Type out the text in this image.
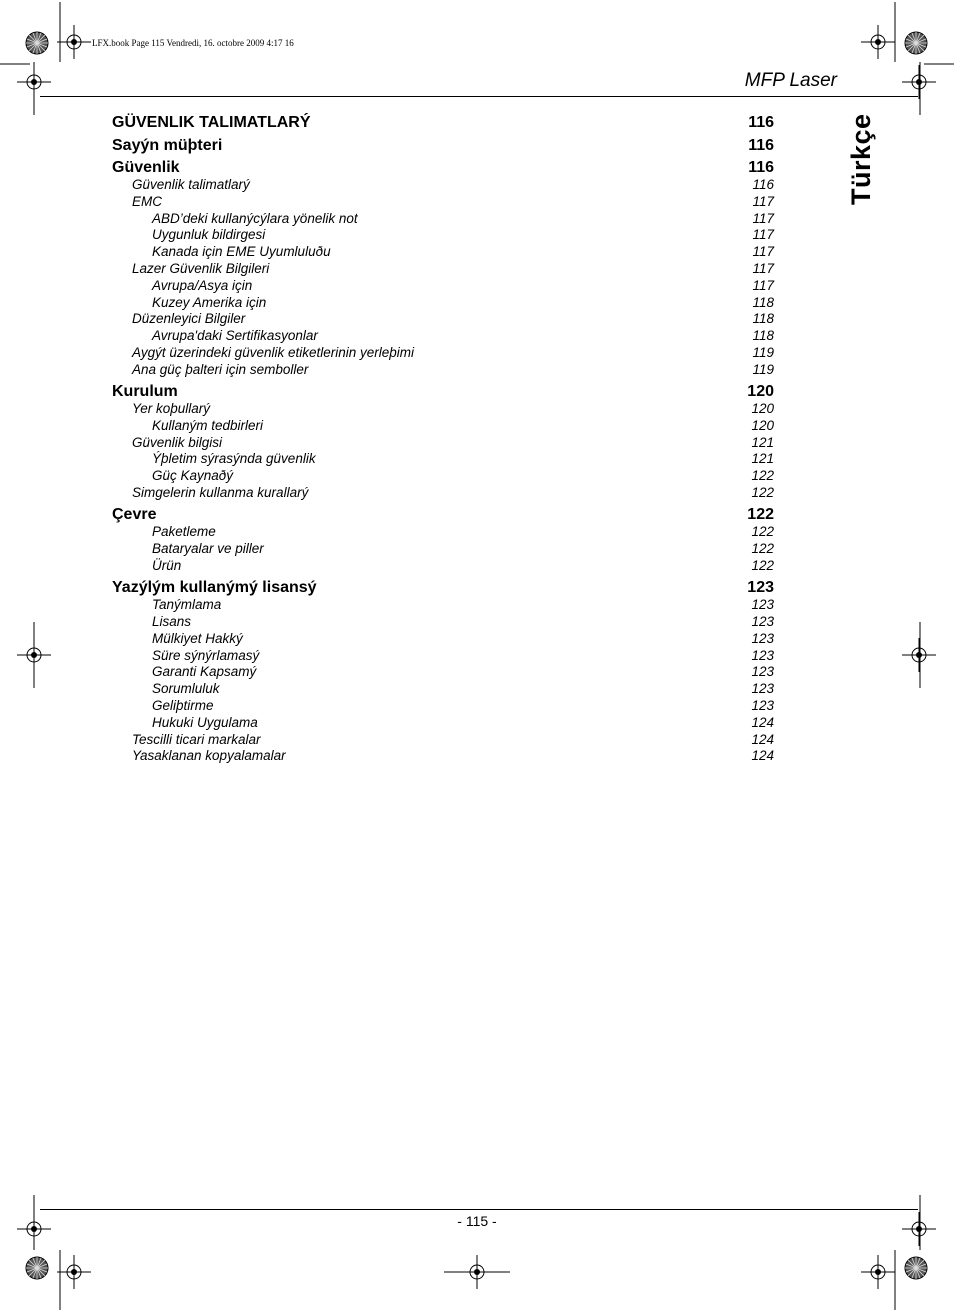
LFX.book Page 115 Vendredi, 16. octobre 2009 4:17 16
MFP Laser
Türkçe
GÜVENLIK TALIMATLARÝ	116
Sayýn müþteri	116
Güvenlik	116
Güvenlik talimatlarý	116
EMC	117
ABD’deki kullanýcýlara yönelik not	117
Uygunluk bildirgesi	117
Kanada için EME Uyumluluðu	117
Lazer Güvenlik Bilgileri	117
Avrupa/Asya için	117
Kuzey Amerika için	118
Düzenleyici Bilgiler	118
Avrupa'daki Sertifikasyonlar	118
Aygýt üzerindeki güvenlik etiketlerinin yerleþimi	119
Ana güç þalteri için semboller	119
Kurulum	120
Yer koþullarý	120
Kullaným tedbirleri	120
Güvenlik bilgisi	121
Ýþletim sýrasýnda güvenlik	121
Güç Kaynaðý	122
Simgelerin kullanma kurallarý	122
Çevre	122
Paketleme	122
Bataryalar ve piller	122
Ürün	122
Yazýlým kullanýmý lisansý	123
Tanýmlama	123
Lisans	123
Mülkiyet Hakký	123
Süre sýnýrlamasý	123
Garanti Kapsamý	123
Sorumluluk	123
Geliþtirme	123
Hukuki Uygulama	124
Tescilli ticari markalar	124
Yasaklanan kopyalamalar	124
- 115 -
